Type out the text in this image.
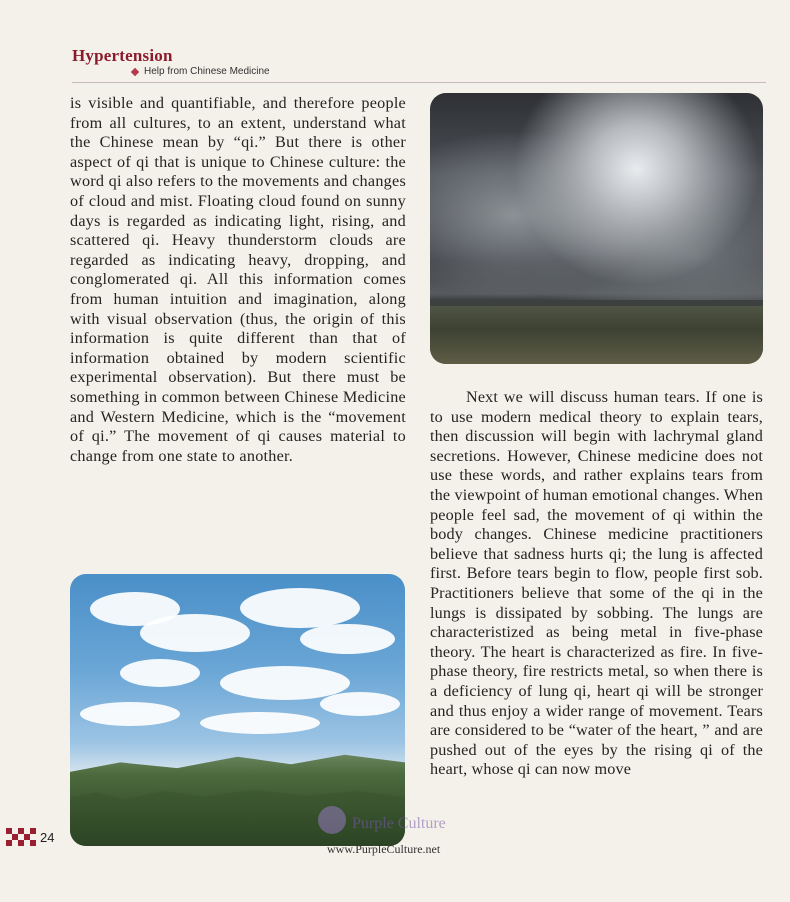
Hypertension
Help from Chinese Medicine

is visible and quantifiable, and therefore people from all cultures, to an extent, understand what the Chinese mean by “qi.” But there is other aspect of qi that is unique to Chinese culture: the word qi also refers to the movements and changes of cloud and mist. Floating cloud found on sunny days is regarded as indicating light, rising, and scattered qi. Heavy thunderstorm clouds are regarded as indicating heavy, dropping, and conglomerated qi. All this information comes from human intuition and imagination, along with visual observation (thus, the origin of this information is quite different than that of information obtained by modern scientific experimental observation). But there must be something in common between Chinese Medicine and Western Medicine, which is the “movement of qi.” The movement of qi causes material to change from one state to another.

Next we will discuss human tears. If one is to use modern medical theory to explain tears, then discussion will begin with lachrymal gland secretions. However, Chinese medicine does not use these words, and rather explains tears from the viewpoint of human emotional changes. When people feel sad, the movement of qi within the body changes. Chinese medicine practitioners believe that sadness hurts qi; the lung is affected first. Before tears begin to flow, people first sob. Practitioners believe that some of the qi in the lungs is dissipated by sobbing. The lungs are characteristized as being metal in five-phase theory. The heart is characterized as fire. In five-phase theory, fire restricts metal, so when there is a deficiency of lung qi, heart qi will be stronger and thus enjoy a wider range of movement. Tears are considered to be “water of the heart, ” and are pushed out of the eyes by the rising qi of the heart, whose qi can now move

24
Purple Culture
www.PurpleCulture.net
